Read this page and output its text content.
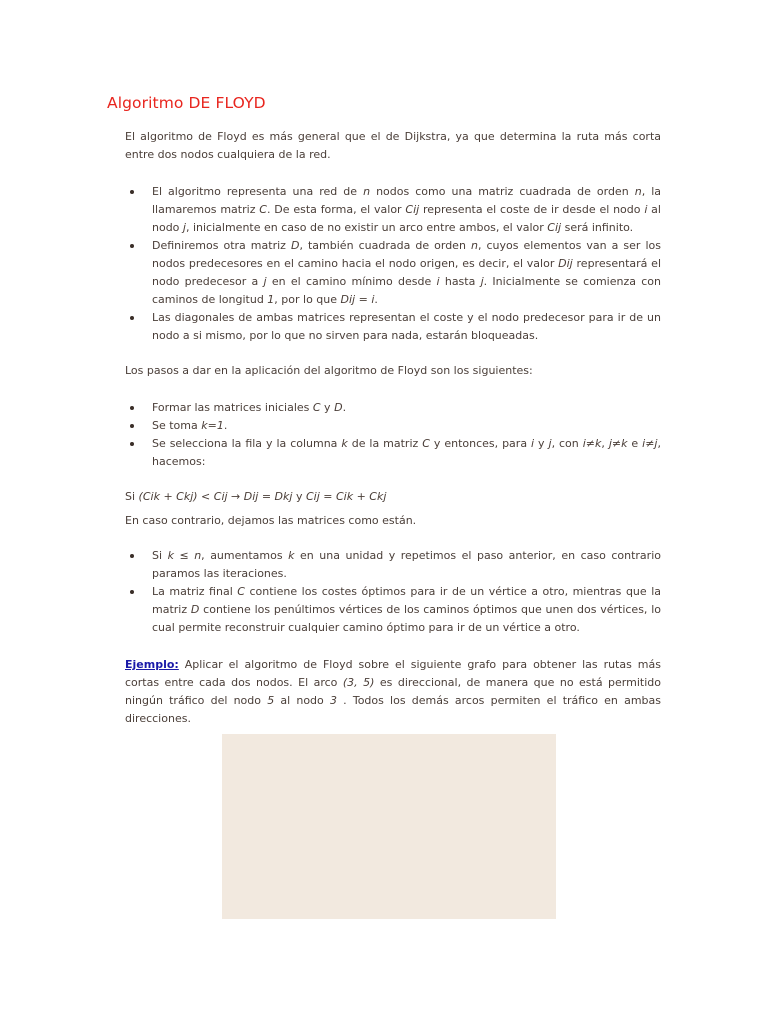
Algoritmo DE FLOYD

El algoritmo de Floyd es más general que el de Dijkstra, ya que determina la ruta más corta entre dos nodos cualquiera de la red.

El algoritmo representa una red de n nodos como una matriz cuadrada de orden n, la llamaremos matriz C. De esta forma, el valor Cij representa el coste de ir desde el nodo i al nodo j, inicialmente en caso de no existir un arco entre ambos, el valor Cij será infinito.
Definiremos otra matriz D, también cuadrada de orden n, cuyos elementos van a ser los nodos predecesores en el camino hacia el nodo origen, es decir, el valor Dij representará el nodo predecesor a j en el camino mínimo desde i hasta j. Inicialmente se comienza con caminos de longitud 1, por lo que Dij = i.
Las diagonales de ambas matrices representan el coste y el nodo predecesor para ir de un nodo a si mismo, por lo que no sirven para nada, estarán bloqueadas.

Los pasos a dar en la aplicación del algoritmo de Floyd son los siguientes:

Formar las matrices iniciales C y D.
Se toma k=1.
Se selecciona la fila y la columna k de la matriz C y entonces, para i y j, con i≠k, j≠k e i≠j, hacemos:

Si (Cik + Ckj) < Cij → Dij = Dkj y Cij = Cik + Ckj

En caso contrario, dejamos las matrices como están.

Si k ≤ n, aumentamos k en una unidad y repetimos el paso anterior, en caso contrario paramos las iteraciones.
La matriz final C contiene los costes óptimos para ir de un vértice a otro, mientras que la matriz D contiene los penúltimos vértices de los caminos óptimos que unen dos vértices, lo cual permite reconstruir cualquier camino óptimo para ir de un vértice a otro.

Ejemplo: Aplicar el algoritmo de Floyd sobre el siguiente grafo para obtener las rutas más cortas entre cada dos nodos. El arco (3, 5) es direccional, de manera que no está permitido ningún tráfico del nodo 5 al nodo 3 . Todos los demás arcos permiten el tráfico en ambas direcciones.
